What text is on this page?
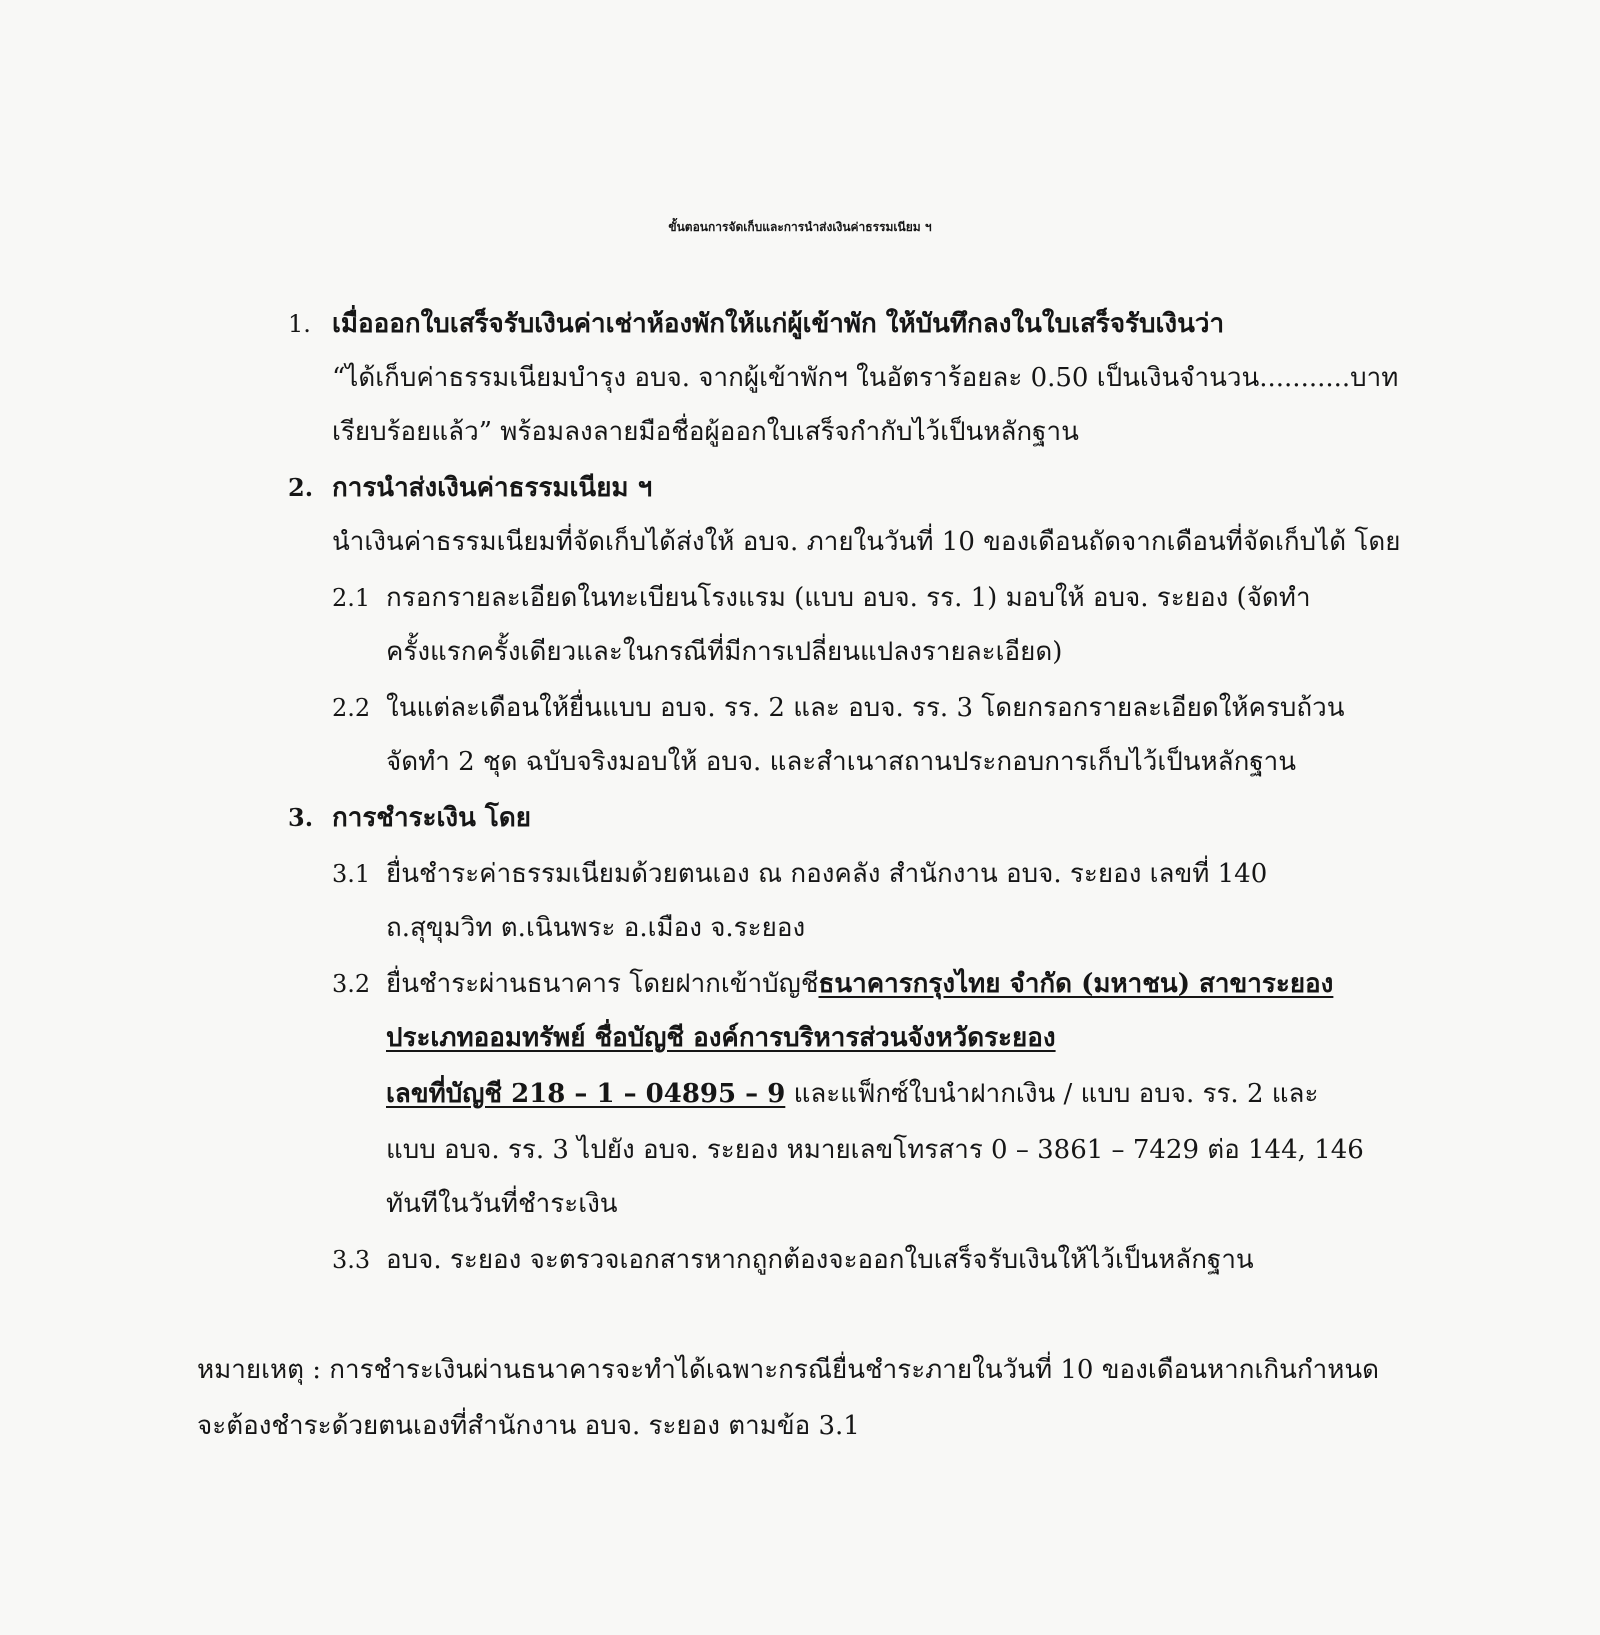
ขั้นตอนการจัดเก็บและการนำส่งเงินค่าธรรมเนียม ฯ
1. เมื่อออกใบเสร็จรับเงินค่าเช่าห้องพักให้แก่ผู้เข้าพัก ให้บันทึกลงในใบเสร็จรับเงินว่า
“ได้เก็บค่าธรรมเนียมบำรุง อบจ. จากผู้เข้าพักฯ ในอัตราร้อยละ 0.50 เป็นเงินจำนวน...........บาท
เรียบร้อยแล้ว” พร้อมลงลายมือชื่อผู้ออกใบเสร็จกำกับไว้เป็นหลักฐาน
2. การนำส่งเงินค่าธรรมเนียม ฯ
นำเงินค่าธรรมเนียมที่จัดเก็บได้ส่งให้ อบจ. ภายในวันที่ 10 ของเดือนถัดจากเดือนที่จัดเก็บได้ โดย
2.1 กรอกรายละเอียดในทะเบียนโรงแรม (แบบ อบจ. รร. 1) มอบให้ อบจ. ระยอง (จัดทำ
ครั้งแรกครั้งเดียวและในกรณีที่มีการเปลี่ยนแปลงรายละเอียด)
2.2 ในแต่ละเดือนให้ยื่นแบบ อบจ. รร. 2 และ อบจ. รร. 3 โดยกรอกรายละเอียดให้ครบถ้วน
จัดทำ 2 ชุด ฉบับจริงมอบให้ อบจ. และสำเนาสถานประกอบการเก็บไว้เป็นหลักฐาน
3. การชำระเงิน โดย
3.1 ยื่นชำระค่าธรรมเนียมด้วยตนเอง ณ กองคลัง สำนักงาน อบจ. ระยอง เลขที่ 140
ถ.สุขุมวิท ต.เนินพระ อ.เมือง จ.ระยอง
3.2 ยื่นชำระผ่านธนาคาร โดยฝากเข้าบัญชีธนาคารกรุงไทย จำกัด (มหาชน) สาขาระยอง
ประเภทออมทรัพย์ ชื่อบัญชี องค์การบริหารส่วนจังหวัดระยอง
เลขที่บัญชี 218 – 1 – 04895 – 9 และแฟ็กซ์ใบนำฝากเงิน / แบบ อบจ. รร. 2 และ
แบบ อบจ. รร. 3 ไปยัง อบจ. ระยอง หมายเลขโทรสาร 0 – 3861 – 7429 ต่อ 144, 146
ทันทีในวันที่ชำระเงิน
3.3 อบจ. ระยอง จะตรวจเอกสารหากถูกต้องจะออกใบเสร็จรับเงินให้ไว้เป็นหลักฐาน
หมายเหตุ : การชำระเงินผ่านธนาคารจะทำได้เฉพาะกรณียื่นชำระภายในวันที่ 10 ของเดือนหากเกินกำหนด
จะต้องชำระด้วยตนเองที่สำนักงาน อบจ. ระยอง ตามข้อ 3.1
